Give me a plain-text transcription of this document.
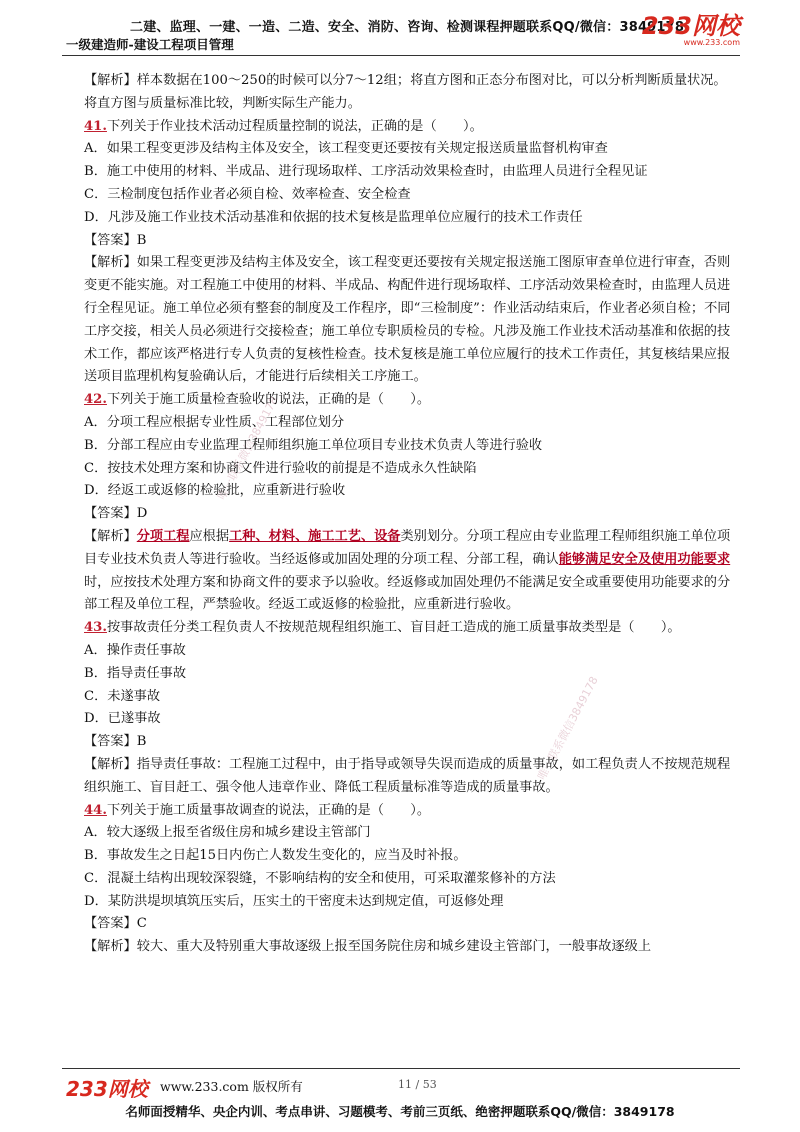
二建、监理、一建、一造、二造、安全、消防、咨询、检测课程押题联系QQ/微信：3849178
一级建造师-建设工程项目管理
233网校
www.233.com
唯一联系微信3849178
唯一联系微信3849178

【解析】样本数据在100～250的时候可以分7～12组；将直方图和正态分布图对比，可以分析判断质量状况。将直方图与质量标准比较，判断实际生产能力。

41.下列关于作业技术活动过程质量控制的说法，正确的是（　　）。

A．如果工程变更涉及结构主体及安全，该工程变更还要按有关规定报送质量监督机构审查

B．施工中使用的材料、半成品、进行现场取样、工序活动效果检查时，由监理人员进行全程见证

C．三检制度包括作业者必须自检、效率检查、安全检查

D．凡涉及施工作业技术活动基准和依据的技术复核是监理单位应履行的技术工作责任

【答案】B

【解析】如果工程变更涉及结构主体及安全，该工程变更还要按有关规定报送施工图原审查单位进行审查，否则变更不能实施。对工程施工中使用的材料、半成品、构配件进行现场取样、工序活动效果检查时，由监理人员进行全程见证。施工单位必须有整套的制度及工作程序，即“三检制度”：作业活动结束后，作业者必须自检；不同工序交接，相关人员必须进行交接检查；施工单位专职质检员的专检。凡涉及施工作业技术活动基准和依据的技术工作，都应该严格进行专人负责的复核性检查。技术复核是施工单位应履行的技术工作责任，其复核结果应报送项目监理机构复验确认后，才能进行后续相关工序施工。

42.下列关于施工质量检查验收的说法，正确的是（　　）。

A．分项工程应根据专业性质、工程部位划分

B．分部工程应由专业监理工程师组织施工单位项目专业技术负责人等进行验收

C．按技术处理方案和协商文件进行验收的前提是不造成永久性缺陷

D．经返工或返修的检验批，应重新进行验收

【答案】D

【解析】分项工程应根据工种、材料、施工工艺、设备类别划分。分项工程应由专业监理工程师组织施工单位项目专业技术负责人等进行验收。当经返修或加固处理的分项工程、分部工程，确认能够满足安全及使用功能要求时，应按技术处理方案和协商文件的要求予以验收。经返修或加固处理仍不能满足安全或重要使用功能要求的分部工程及单位工程，严禁验收。经返工或返修的检验批，应重新进行验收。

43.按事故责任分类工程负责人不按规范规程组织施工、盲目赶工造成的施工质量事故类型是（　　）。

A．操作责任事故

B．指导责任事故

C．未遂事故

D．已遂事故

【答案】B

【解析】指导责任事故：工程施工过程中，由于指导或领导失误而造成的质量事故，如工程负责人不按规范规程组织施工、盲目赶工、强令他人违章作业、降低工程质量标准等造成的质量事故。

44.下列关于施工质量事故调查的说法，正确的是（　　）。

A．较大逐级上报至省级住房和城乡建设主管部门

B．事故发生之日起15日内伤亡人数发生变化的，应当及时补报。

C．混凝土结构出现较深裂缝，不影响结构的安全和使用，可采取灌浆修补的方法

D．某防洪堤坝填筑压实后，压实土的干密度未达到规定值，可返修处理

【答案】C

【解析】较大、重大及特别重大事故逐级上报至国务院住房和城乡建设主管部门，一般事故逐级上

233网校 www.233.com 版权所有	11 / 53
名师面授精华、央企内训、考点串讲、习题模考、考前三页纸、绝密押题联系QQ/微信：3849178
